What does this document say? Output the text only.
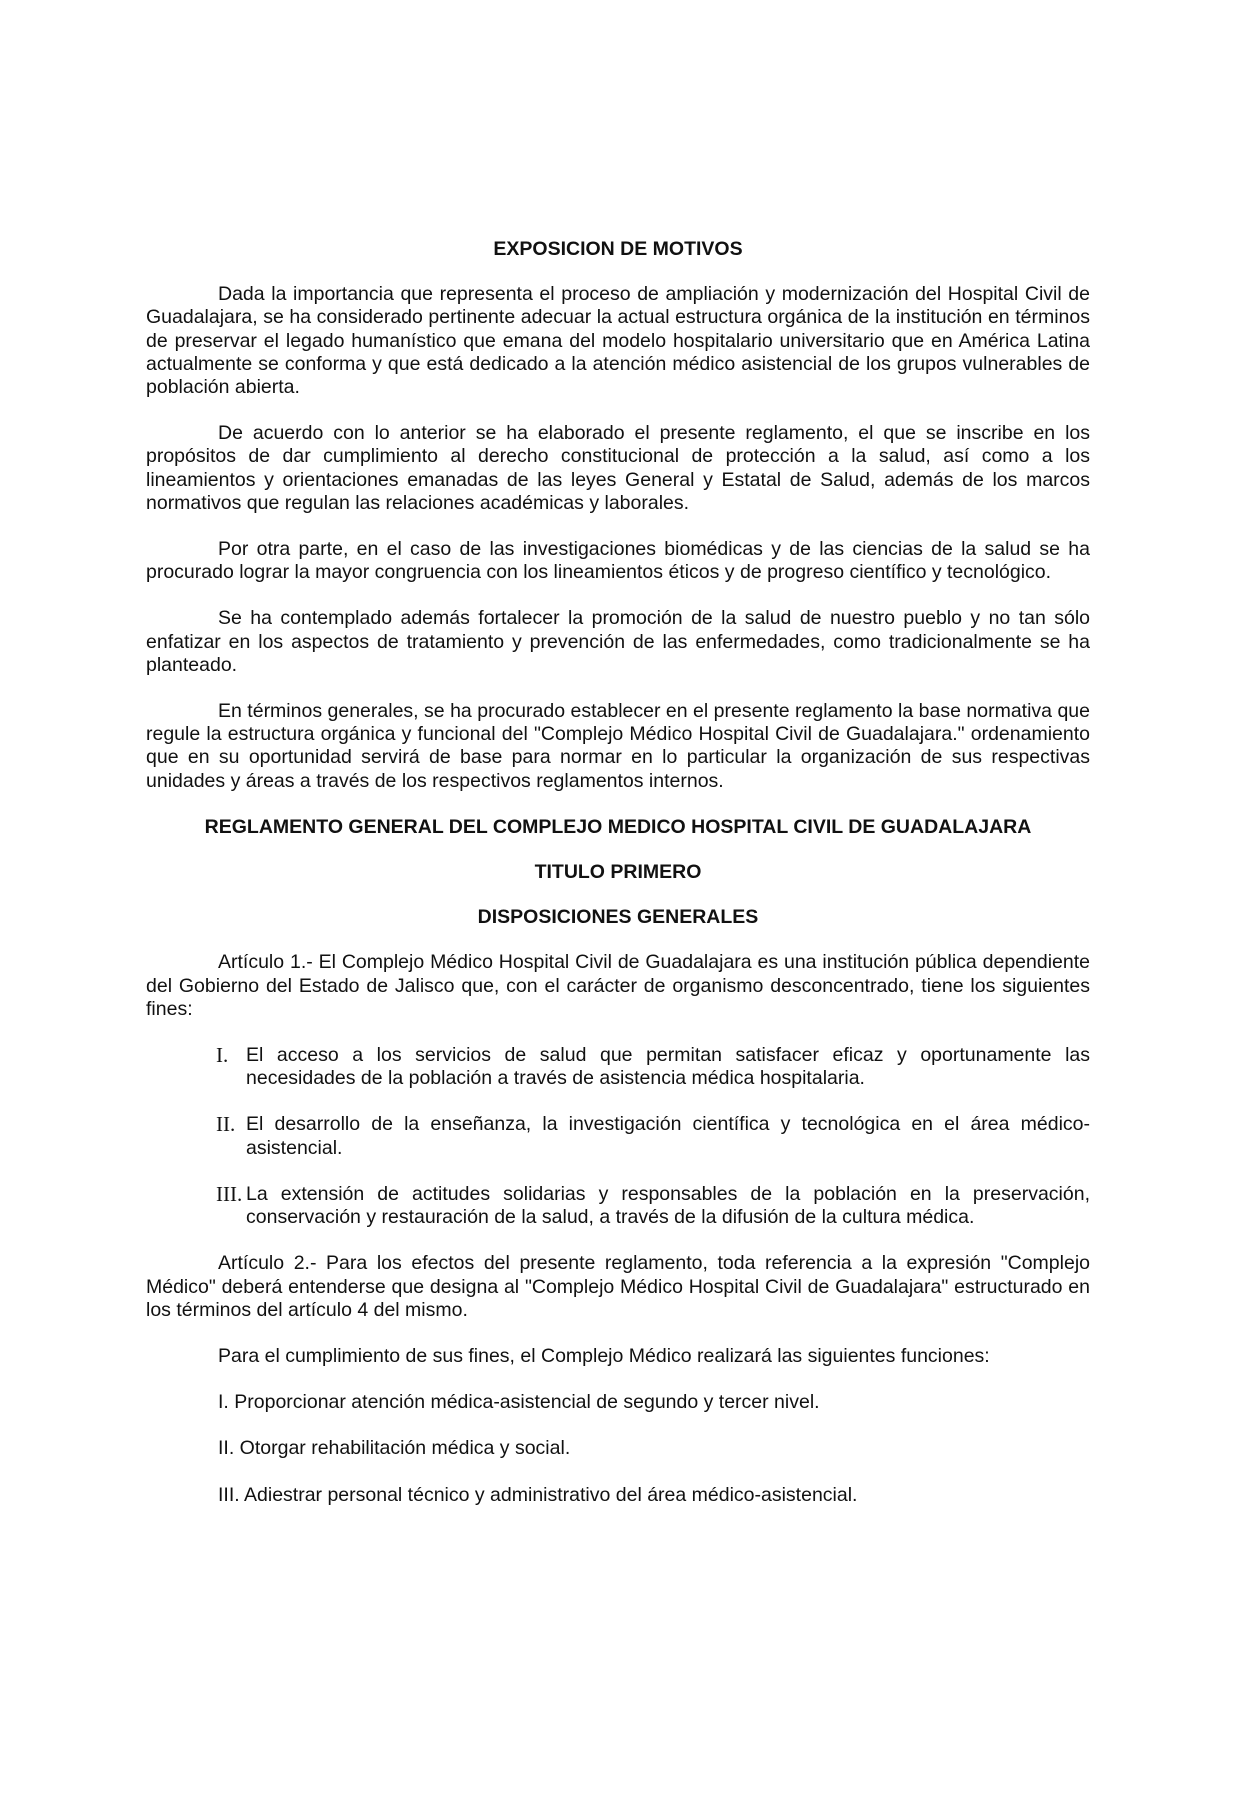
EXPOSICION DE MOTIVOS

Dada la importancia que representa el proceso de ampliación y modernización del Hospital Civil de Guadalajara, se ha considerado pertinente adecuar la actual estructura orgánica de la institución en términos de preservar el legado humanístico que emana del modelo hospitalario universitario que en América Latina actualmente se conforma y que está dedicado a la atención médico asistencial de los grupos vulnerables de población abierta.

De acuerdo con lo anterior se ha elaborado el presente reglamento, el que se inscribe en los propósitos de dar cumplimiento al derecho constitucional de protección a la salud, así como a los lineamientos y orientaciones emanadas de las leyes General y Estatal de Salud, además de los marcos normativos que regulan las relaciones académicas y laborales.

Por otra parte, en el caso de las investigaciones biomédicas y de las ciencias de la salud se ha procurado lograr la mayor congruencia con los lineamientos éticos y de progreso científico y tecnológico.

Se ha contemplado además fortalecer la promoción de la salud de nuestro pueblo y no tan sólo enfatizar en los aspectos de tratamiento y prevención de las enfermedades, como tradicionalmente se ha planteado.

En términos generales, se ha procurado establecer en el presente reglamento la base normativa que regule la estructura orgánica y funcional del "Complejo Médico Hospital Civil de Guadalajara." ordenamiento que en su oportunidad servirá de base para normar en lo particular la organización de sus respectivas unidades y áreas a través de los respectivos reglamentos internos.

REGLAMENTO GENERAL DEL COMPLEJO MEDICO HOSPITAL CIVIL DE GUADALAJARA
TITULO PRIMERO
DISPOSICIONES GENERALES

Artículo 1.- El Complejo Médico Hospital Civil de Guadalajara es una institución pública dependiente del Gobierno del Estado de Jalisco que, con el carácter de organismo desconcentrado, tiene los siguientes fines:

I. El acceso a los servicios de salud que permitan satisfacer eficaz y oportunamente las necesidades de la población a través de asistencia médica hospitalaria.
II. El desarrollo de la enseñanza, la investigación científica y tecnológica en el área médico-asistencial.
III. La extensión de actitudes solidarias y responsables de la población en la preservación, conservación y restauración de la salud, a través de la difusión de la cultura médica.

Artículo 2.- Para los efectos del presente reglamento, toda referencia a la expresión "Complejo Médico" deberá entenderse que designa al "Complejo Médico Hospital Civil de Guadalajara" estructurado en los términos del artículo 4 del mismo.

Para el cumplimiento de sus fines, el Complejo Médico realizará las siguientes funciones:

I. Proporcionar atención médica-asistencial de segundo y tercer nivel.

II. Otorgar rehabilitación médica y social.

III. Adiestrar personal técnico y administrativo del área médico-asistencial.
